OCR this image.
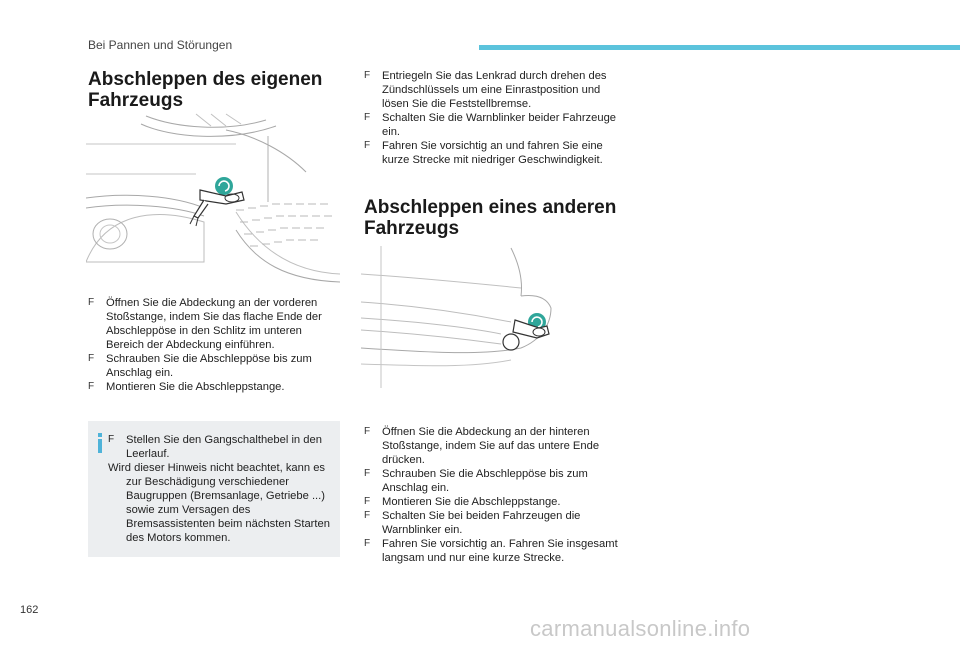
Bei Pannen und Störungen
Abschleppen des eigenen Fahrzeugs
F Öffnen Sie die Abdeckung an der vorderen Stoßstange, indem Sie das flache Ende der Abschleppöse in den Schlitz im unteren Bereich der Abdeckung einführen.
F Schrauben Sie die Abschleppöse bis zum Anschlag ein.
F Montieren Sie die Abschleppstange.
F Stellen Sie den Gangschalthebel in den Leerlauf.
Wird dieser Hinweis nicht beachtet, kann es zur Beschädigung verschiedener Baugruppen (Bremsanlage, Getriebe ...) sowie zum Versagen des Bremsassistenten beim nächsten Starten des Motors kommen.
F Entriegeln Sie das Lenkrad durch drehen des Zündschlüssels um eine Einrastposition und lösen Sie die Feststellbremse.
F Schalten Sie die Warnblinker beider Fahrzeuge ein.
F Fahren Sie vorsichtig an und fahren Sie eine kurze Strecke mit niedriger Geschwindigkeit.
Abschleppen eines anderen Fahrzeugs
F Öffnen Sie die Abdeckung an der hinteren Stoßstange, indem Sie auf das untere Ende drücken.
F Schrauben Sie die Abschleppöse bis zum Anschlag ein.
F Montieren Sie die Abschleppstange.
F Schalten Sie bei beiden Fahrzeugen die Warnblinker ein.
F Fahren Sie vorsichtig an. Fahren Sie insgesamt langsam und nur eine kurze Strecke.
162
carmanualsonline.info
